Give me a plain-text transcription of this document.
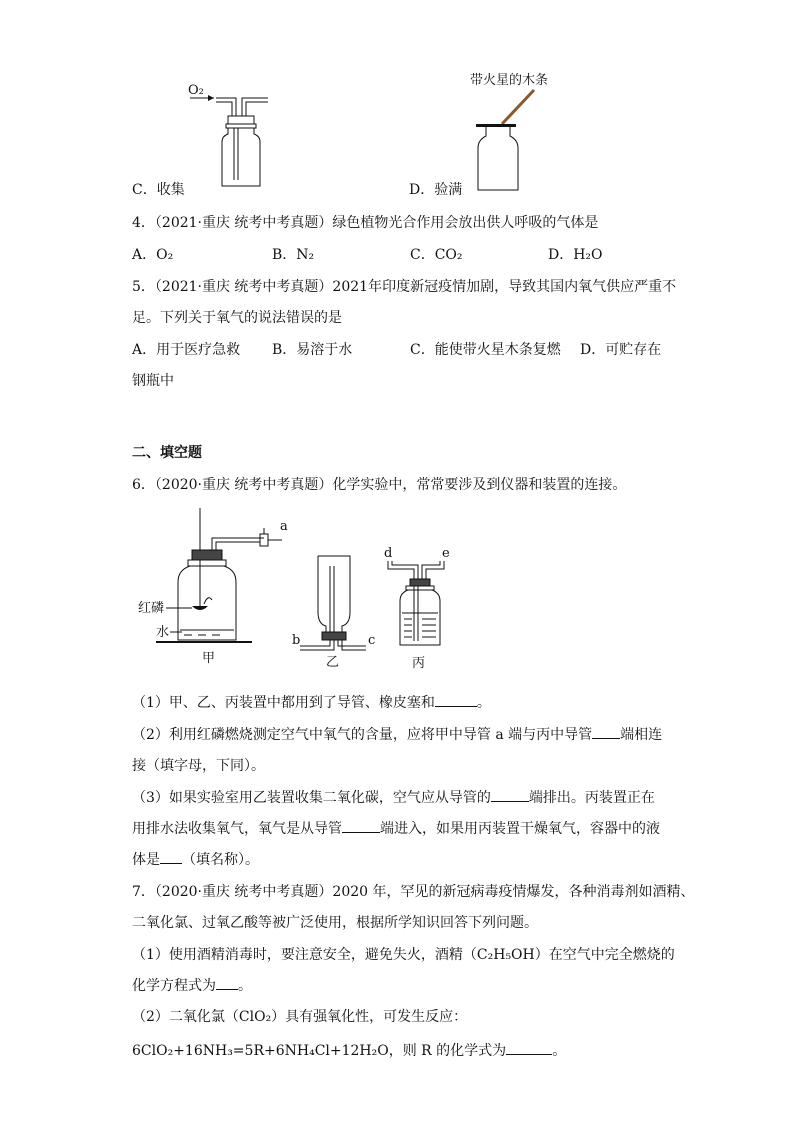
O₂
C．收集
带火星的木条
D．验满
4．（2021·重庆 统考中考真题）绿色植物光合作用会放出供人呼吸的气体是
A．O₂	B．N₂	C．CO₂	D．H₂O
5．（2021·重庆 统考中考真题）2021年印度新冠疫情加剧，导致其国内氧气供应严重不
足。下列关于氧气的说法错误的是
A．用于医疗急救 B．易溶于水	C．能使带火星木条复燃 D．可贮存在
钢瓶中
二、填空题
6．（2020·重庆 统考中考真题）化学实验中，常常要涉及到仪器和装置的连接。
a
红磷
水
甲
b	c
乙
d	e
丙
（1）甲、乙、丙装置中都用到了导管、橡皮塞和	。
（2）利用红磷燃烧测定空气中氧气的含量，应将甲中导管 a 端与丙中导管 端相连
接（填字母，下同）。
（3）如果实验室用乙装置收集二氧化碳，空气应从导管的	端排出。丙装置正在
用排水法收集氧气，氧气是从导管	端进入，如果用丙装置干燥氧气，容器中的液
体是 （填名称）。
7．（2020·重庆 统考中考真题）2020 年，罕见的新冠病毒疫情爆发，各种消毒剂如酒精、
二氧化氯、过氧乙酸等被广泛使用，根据所学知识回答下列问题。
（1）使用酒精消毒时，要注意安全，避免失火，酒精（C₂H₅OH）在空气中完全燃烧的
化学方程式为 。
（2）二氧化氯（ClO₂）具有强氧化性，可发生反应：
6ClO₂+16NH₃=5R+6NH₄Cl+12H₂O，则 R 的化学式为	。
